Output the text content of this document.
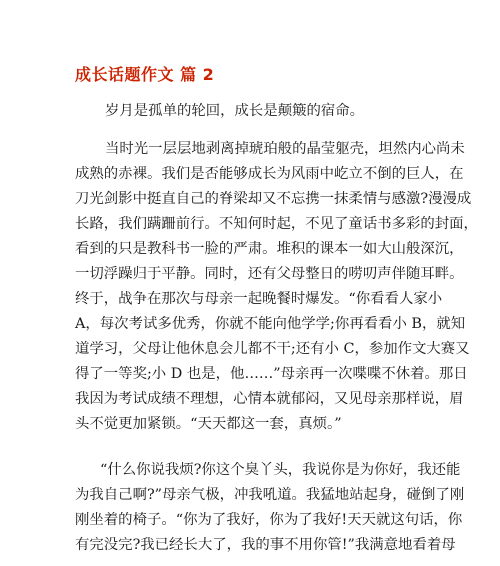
成长话题作文 篇 2
岁月是孤单的轮回，成长是颠簸的宿命。
当时光一层层地剥离掉琥珀般的晶莹躯壳，坦然内心尚未
成熟的赤裸。我们是否能够成长为风雨中屹立不倒的巨人，在
刀光剑影中挺直自己的脊梁却又不忘携一抹柔情与感激?漫漫成
长路，我们蹒跚前行。不知何时起，不见了童话书多彩的封面，
看到的只是教科书一脸的严肃。堆积的课本一如大山般深沉，
一切浮躁归于平静。同时，还有父母整日的唠叨声伴随耳畔。
终于，战争在那次与母亲一起晚餐时爆发。“你看看人家小
A，每次考试多优秀，你就不能向他学学;你再看看小 B，就知
道学习，父母让他休息会儿都不干;还有小 C，参加作文大赛又
得了一等奖;小 D 也是，他……”母亲再一次喋喋不休着。那日
我因为考试成绩不理想，心情本就郁闷，又见母亲那样说，眉
头不觉更加紧锁。“天天都这一套，真烦。”
“什么你说我烦?你这个臭丫头，我说你是为你好，我还能
为我自己啊?”母亲气极，冲我吼道。我猛地站起身，碰倒了刚
刚坐着的椅子。“你为了我好，你为了我好!天天就这句话，你
有完没完?我已经长大了，我的事不用你管!”我满意地看着母
